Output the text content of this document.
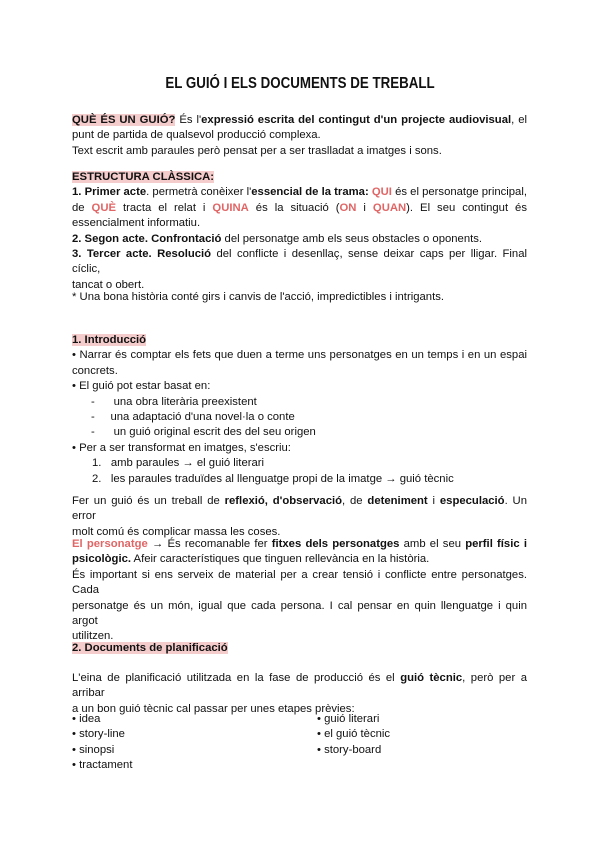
EL GUIÓ I ELS DOCUMENTS DE TREBALL
QUÈ ÉS UN GUIÓ? És l'expressió escrita del contingut d'un projecte audiovisual, el
punt de partida de qualsevol producció complexa.
Text escrit amb paraules però pensat per a ser traslladat a imatges i sons.
ESTRUCTURA CLÀSSICA:
1. Primer acte. permetrà conèixer l'essencial de la trama: QUI és el personatge principal,
de QUÈ tracta el relat i QUINA és la situació (ON i QUAN). El seu contingut és
essencialment informatiu.
2. Segon acte. Confrontació del personatge amb els seus obstacles o oponents.
3. Tercer acte. Resolució del conflicte i desenllaç, sense deixar caps per lligar. Final cíclic,
tancat o obert.
* Una bona història conté girs i canvis de l'acció, impredictibles i intrigants.
1. Introducció
• Narrar és comptar els fets que duen a terme uns personatges en un temps i en un espai
concrets.
• El guió pot estar basat en:
-      una obra literària preexistent
-     una adaptació d'una novel·la o conte
-      un guió original escrit des del seu origen
• Per a ser transformat en imatges, s'escriu:
1.   amb paraules → el guió literari
2.   les paraules traduïdes al llenguatge propi de la imatge → guió tècnic
Fer un guió és un treball de reflexió, d'observació, de deteniment i especulació. Un error
molt comú és complicar massa les coses.
El personatge → És recomanable fer fitxes dels personatges amb el seu perfil físic i
psicològic. Afeir característiques que tinguen rellevància en la història.
És important si ens serveix de material per a crear tensió i conflicte entre personatges. Cada
personatge és un món, igual que cada persona. I cal pensar en quin llenguatge i quin argot
utilitzen.
2. Documents de planificació
L'eina de planificació utilitzada en la fase de producció és el guió tècnic, però per a arribar
a un bon guió tècnic cal passar per unes etapes prèvies:
• idea
• story-line
• sinopsi
• tractament
• guió literari
• el guió tècnic
• story-board
